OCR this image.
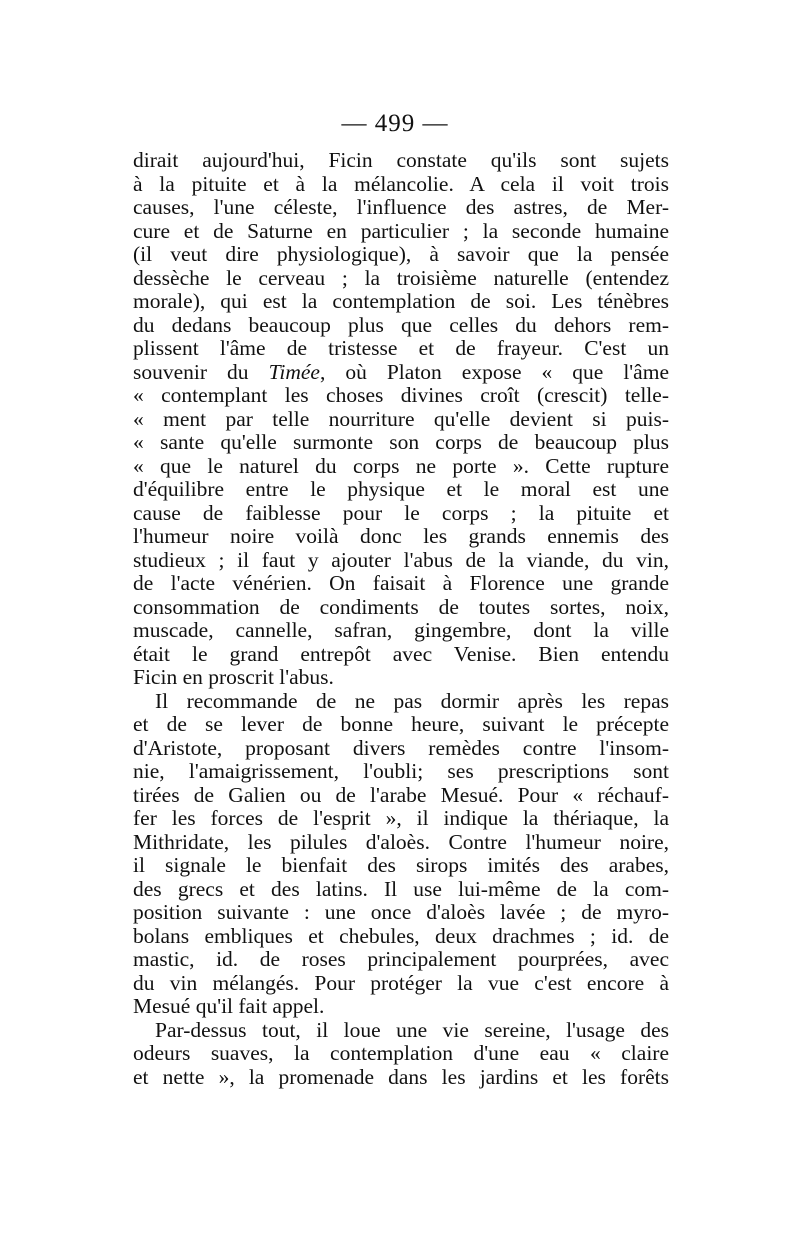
— 499 —
dirait aujourd'hui, Ficin constate qu'ils sont sujets
à la pituite et à la mélancolie. A cela il voit trois
causes, l'une céleste, l'influence des astres, de Mer-
cure et de Saturne en particulier ; la seconde humaine
(il veut dire physiologique), à savoir que la pensée
dessèche le cerveau ; la troisième naturelle (entendez
morale), qui est la contemplation de soi. Les ténèbres
du dedans beaucoup plus que celles du dehors rem-
plissent l'âme de tristesse et de frayeur. C'est un
souvenir du Timée, où Platon expose « que l'âme
« contemplant les choses divines croît (crescit) telle-
« ment par telle nourriture qu'elle devient si puis-
« sante qu'elle surmonte son corps de beaucoup plus
« que le naturel du corps ne porte ». Cette rupture
d'équilibre entre le physique et le moral est une
cause de faiblesse pour le corps ; la pituite et
l'humeur noire voilà donc les grands ennemis des
studieux ; il faut y ajouter l'abus de la viande, du vin,
de l'acte vénérien. On faisait à Florence une grande
consommation de condiments de toutes sortes, noix,
muscade, cannelle, safran, gingembre, dont la ville
était le grand entrepôt avec Venise. Bien entendu
Ficin en proscrit l'abus.
Il recommande de ne pas dormir après les repas
et de se lever de bonne heure, suivant le précepte
d'Aristote, proposant divers remèdes contre l'insom-
nie, l'amaigrissement, l'oubli; ses prescriptions sont
tirées de Galien ou de l'arabe Mesué. Pour « réchauf-
fer les forces de l'esprit », il indique la thériaque, la
Mithridate, les pilules d'aloès. Contre l'humeur noire,
il signale le bienfait des sirops imités des arabes,
des grecs et des latins. Il use lui-même de la com-
position suivante : une once d'aloès lavée ; de myro-
bolans embliques et chebules, deux drachmes ; id. de
mastic, id. de roses principalement pourprées, avec
du vin mélangés. Pour protéger la vue c'est encore à
Mesué qu'il fait appel.
Par-dessus tout, il loue une vie sereine, l'usage des
odeurs suaves, la contemplation d'une eau « claire
et nette », la promenade dans les jardins et les forêts
